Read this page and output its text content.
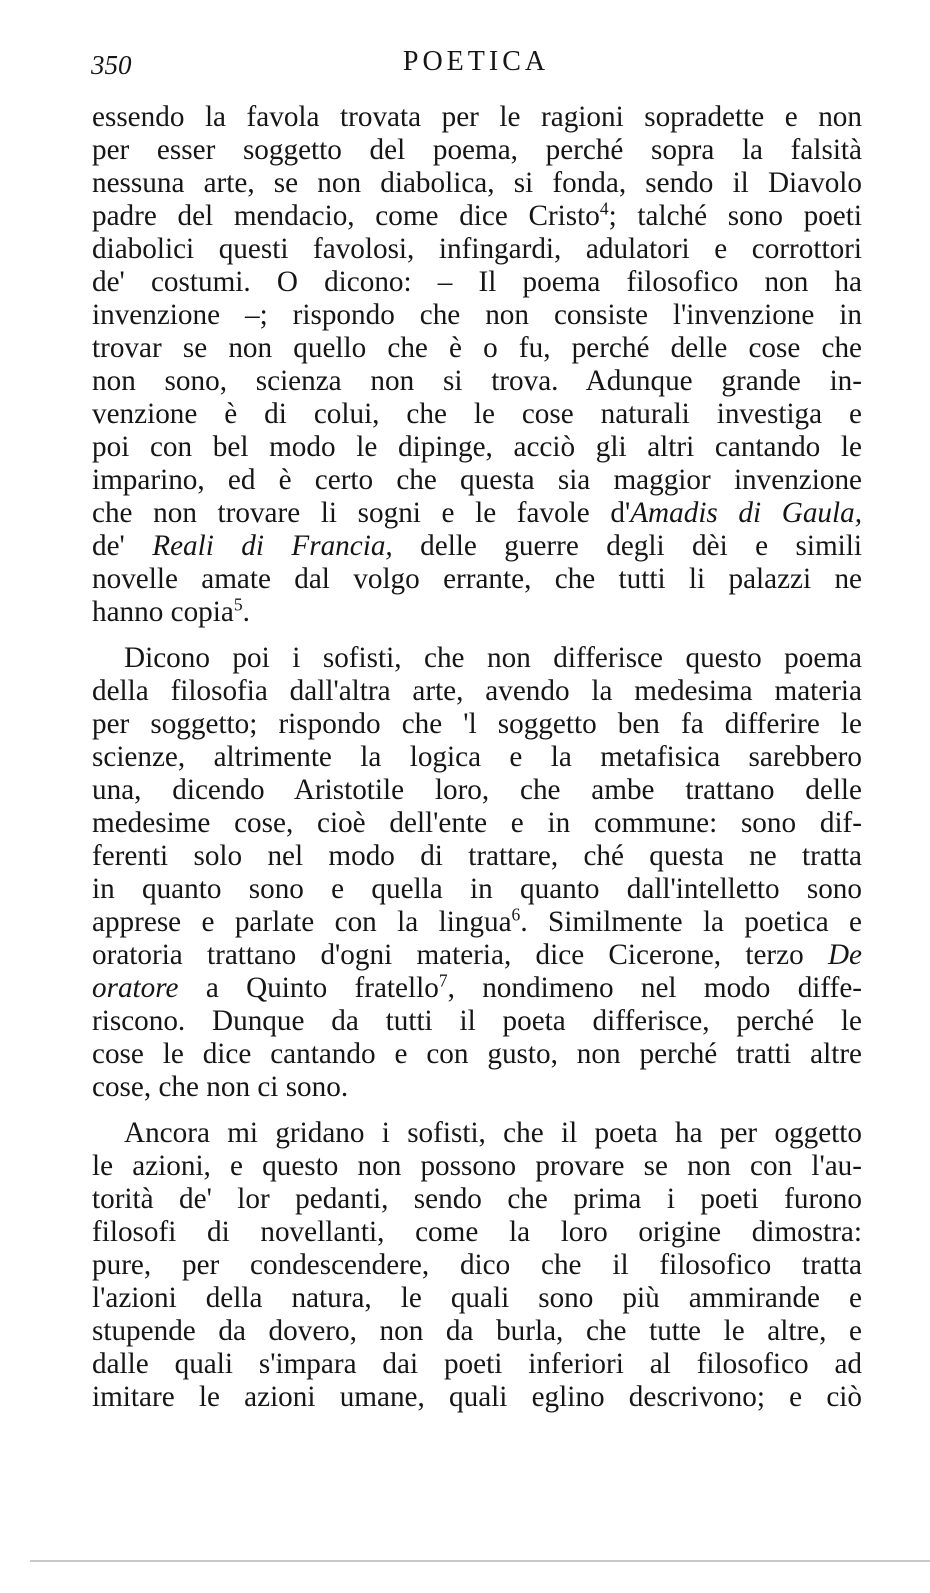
350	POETICA
essendo la favola trovata per le ragioni sopradette e non
per esser soggetto del poema, perché sopra la falsità
nessuna arte, se non diabolica, si fonda, sendo il Diavolo
padre del mendacio, come dice Cristo$^4$; talché sono poeti
diabolici questi favolosi, infingardi, adulatori e corrottori
de' costumi. O dicono: – Il poema filosofico non ha
invenzione –; rispondo che non consiste l'invenzione in
trovar se non quello che è o fu, perché delle cose che
non sono, scienza non si trova. Adunque grande in-
venzione è di colui, che le cose naturali investiga e
poi con bel modo le dipinge, acciò gli altri cantando le
imparino, ed è certo che questa sia maggior invenzione
che non trovare li sogni e le favole d'Amadis di Gaula,
de' Reali di Francia, delle guerre degli dèi e simili
novelle amate dal volgo errante, che tutti li palazzi ne
hanno copia$^5$.
Dicono poi i sofisti, che non differisce questo poema
della filosofia dall'altra arte, avendo la medesima materia
per soggetto; rispondo che 'l soggetto ben fa differire le
scienze, altrimente la logica e la metafisica sarebbero
una, dicendo Aristotile loro, che ambe trattano delle
medesime cose, cioè dell'ente e in commune: sono dif-
ferenti solo nel modo di trattare, ché questa ne tratta
in quanto sono e quella in quanto dall'intelletto sono
apprese e parlate con la lingua$^6$. Similmente la poetica e
oratoria trattano d'ogni materia, dice Cicerone, terzo De
oratore a Quinto fratello$^7$, nondimeno nel modo diffe-
riscono. Dunque da tutti il poeta differisce, perché le
cose le dice cantando e con gusto, non perché tratti altre
cose, che non ci sono.
Ancora mi gridano i sofisti, che il poeta ha per oggetto
le azioni, e questo non possono provare se non con l'au-
torità de' lor pedanti, sendo che prima i poeti furono
filosofi di novellanti, come la loro origine dimostra:
pure, per condescendere, dico che il filosofico tratta
l'azioni della natura, le quali sono più ammirande e
stupende da dovero, non da burla, che tutte le altre, e
dalle quali s'impara dai poeti inferiori al filosofico ad
imitare le azioni umane, quali eglino descrivono; e ciò
